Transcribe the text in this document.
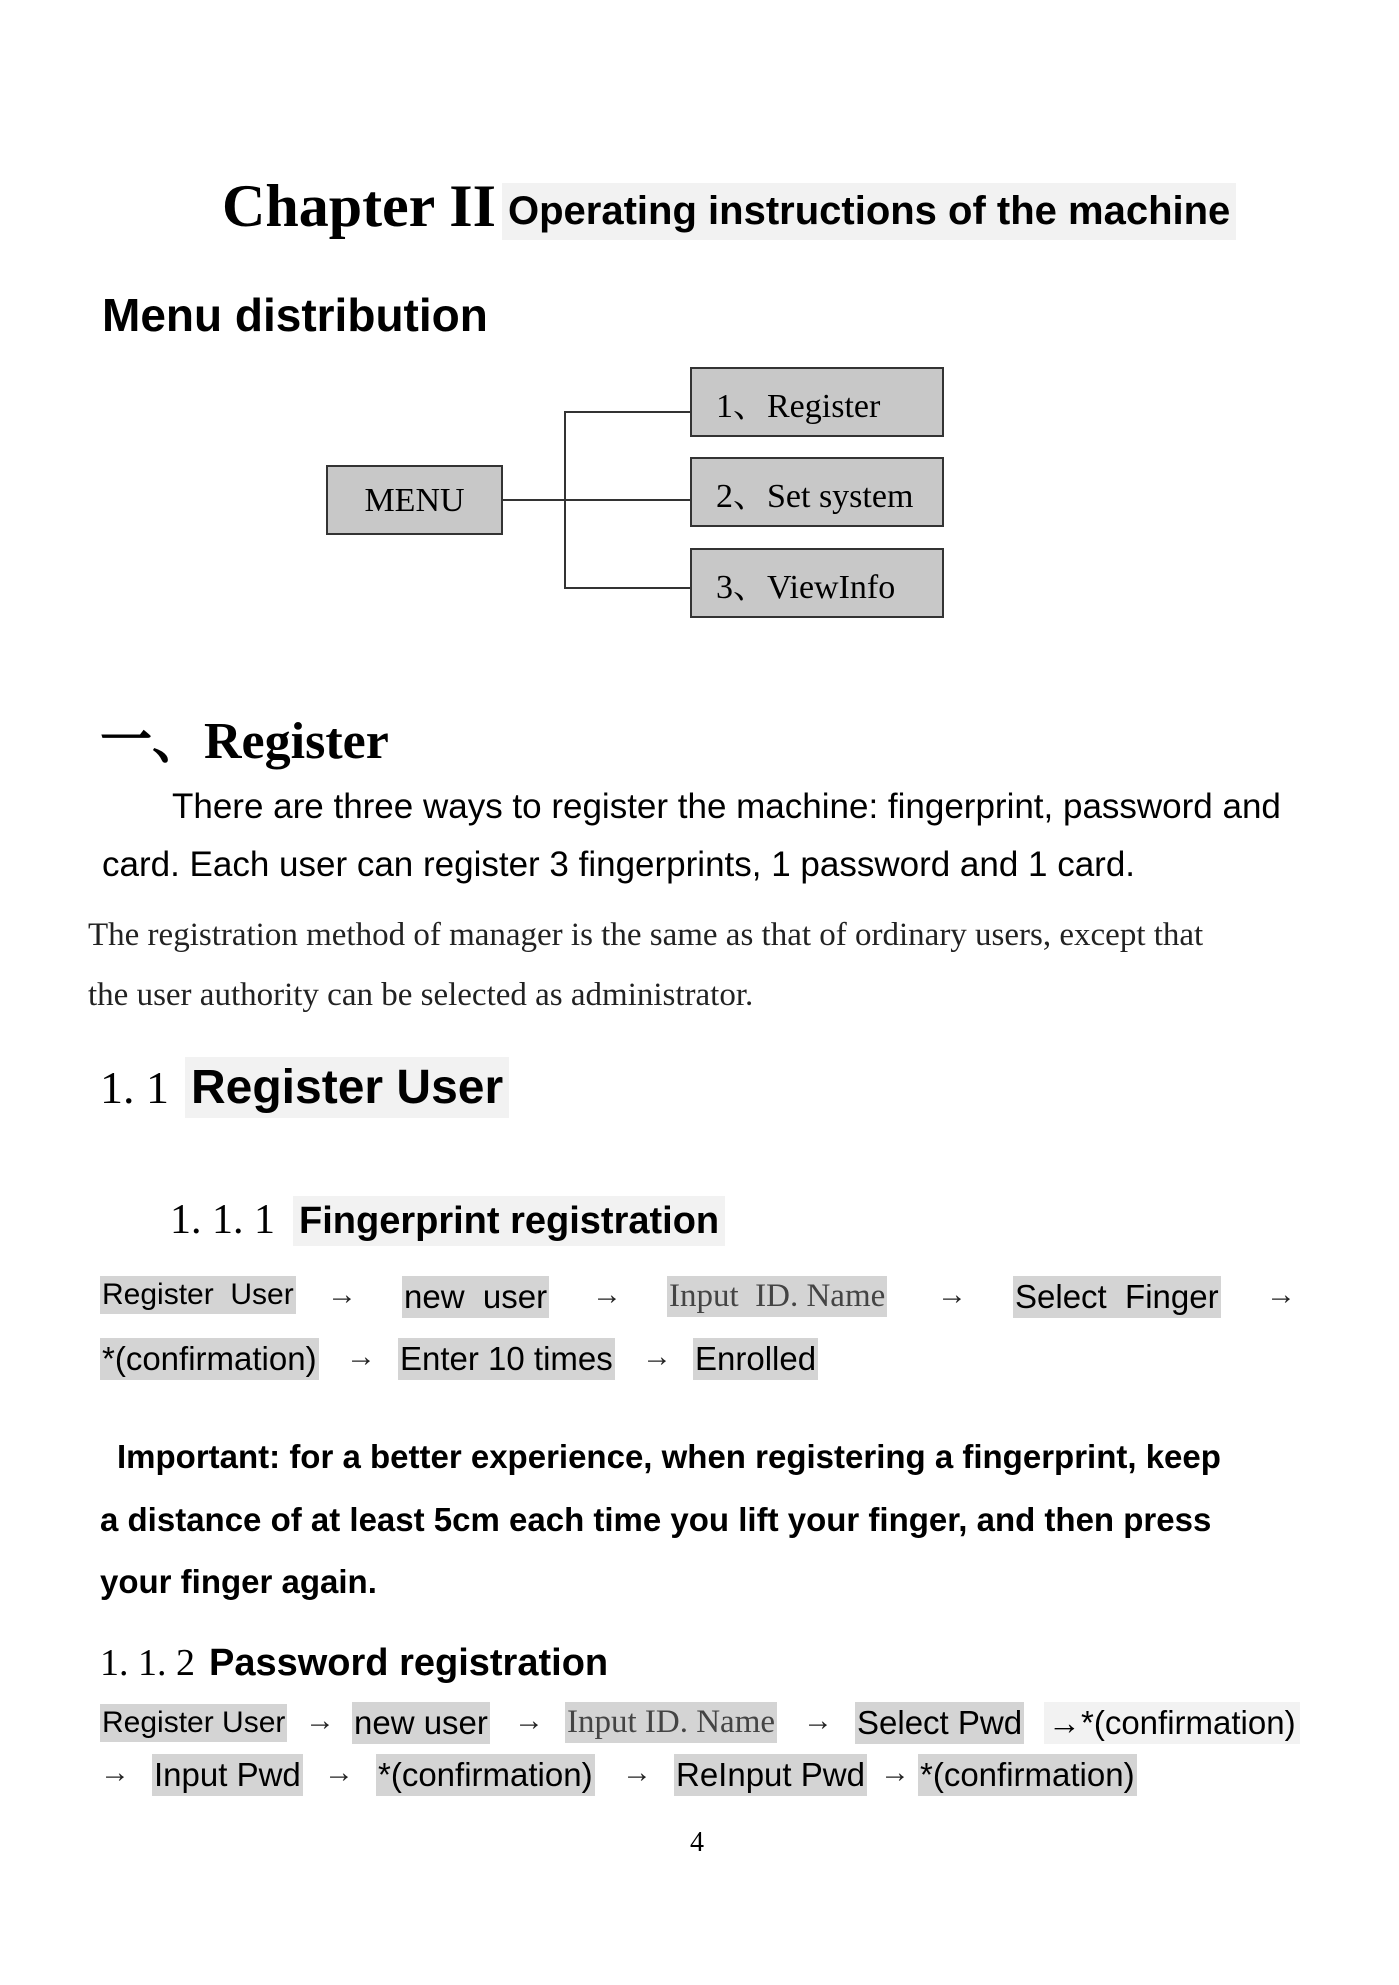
Chapter II Operating instructions of the machine
Menu distribution
MENU
1、Register
2、Set system
3、ViewInfo
一、Register
There are three ways to register the machine: fingerprint, password and
card. Each user can register 3 fingerprints, 1 password and 1 card.
The registration method of manager is the same as that of ordinary users, except that
the user authority can be selected as administrator.
1. 1 Register User
1. 1. 1 Fingerprint registration
Register  User → new  user → Input  ID. Name → Select  Finger →
*(confirmation) → Enter 10 times → Enrolled
Important: for a better experience, when registering a fingerprint, keep
a distance of at least 5cm each time you lift your finger, and then press
your finger again.
1. 1. 2 Password registration
Register User → new user → Input ID. Name → Select Pwd →*(confirmation)
→ Input Pwd → *(confirmation) → ReInput Pwd → *(confirmation)
4
